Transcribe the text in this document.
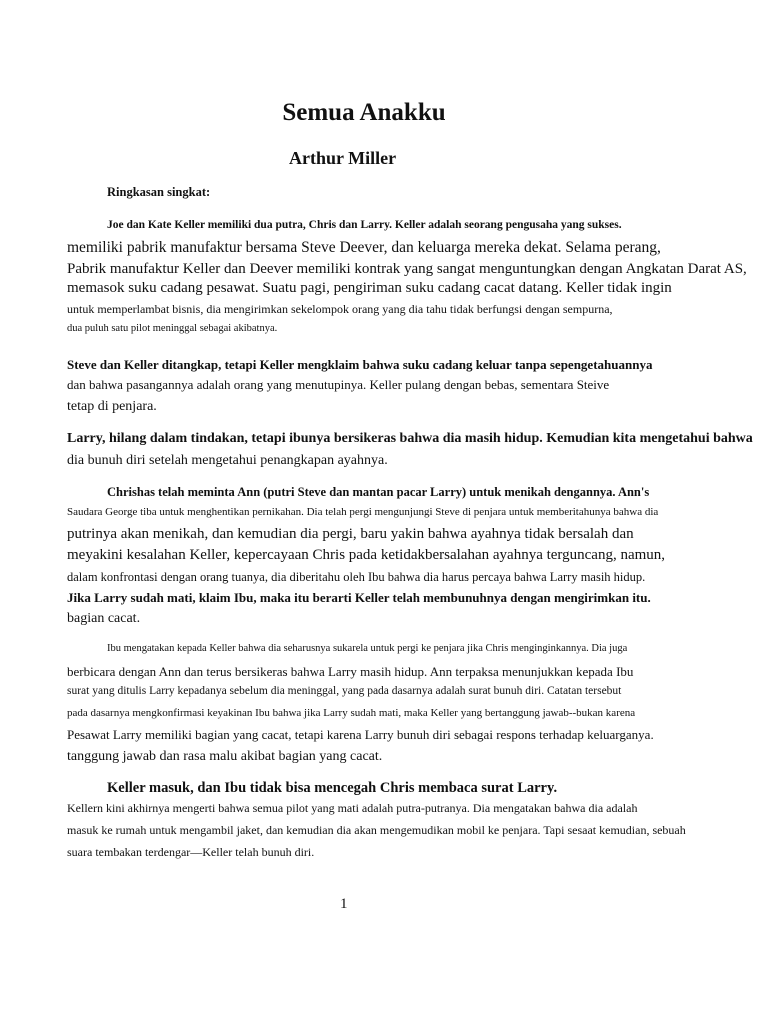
Semua Anakku
Arthur Miller
Ringkasan singkat:
Joe dan Kate Keller memiliki dua putra, Chris dan Larry. Keller adalah seorang pengusaha yang sukses.
memiliki pabrik manufaktur bersama Steve Deever, dan keluarga mereka dekat. Selama perang,
Pabrik manufaktur Keller dan Deever memiliki kontrak yang sangat menguntungkan dengan Angkatan Darat AS,
memasok suku cadang pesawat. Suatu pagi, pengiriman suku cadang cacat datang. Keller tidak ingin
untuk memperlambat bisnis, dia mengirimkan sekelompok orang yang dia tahu tidak berfungsi dengan sempurna,
dua puluh satu pilot meninggal sebagai akibatnya.
Steve dan Keller ditangkap, tetapi Keller mengklaim bahwa suku cadang keluar tanpa sepengetahuannya
dan bahwa pasangannya adalah orang yang menutupinya. Keller pulang dengan bebas, sementara Steive
tetap di penjara.
Larry, hilang dalam tindakan, tetapi ibunya bersikeras bahwa dia masih hidup. Kemudian kita mengetahui bahwa
dia bunuh diri setelah mengetahui penangkapan ayahnya.
Chrishas telah meminta Ann (putri Steve dan mantan pacar Larry) untuk menikah dengannya. Ann's
Saudara George tiba untuk menghentikan pernikahan. Dia telah pergi mengunjungi Steve di penjara untuk memberitahunya bahwa dia
putrinya akan menikah, dan kemudian dia pergi, baru yakin bahwa ayahnya tidak bersalah dan
meyakini kesalahan Keller, kepercayaan Chris pada ketidakbersalahan ayahnya terguncang, namun,
dalam konfrontasi dengan orang tuanya, dia diberitahu oleh Ibu bahwa dia harus percaya bahwa Larry masih hidup.
Jika Larry sudah mati, klaim Ibu, maka itu berarti Keller telah membunuhnya dengan mengirimkan itu.
bagian cacat.
Ibu mengatakan kepada Keller bahwa dia seharusnya sukarela untuk pergi ke penjara jika Chris menginginkannya. Dia juga
berbicara dengan Ann dan terus bersikeras bahwa Larry masih hidup. Ann terpaksa menunjukkan kepada Ibu
surat yang ditulis Larry kepadanya sebelum dia meninggal, yang pada dasarnya adalah surat bunuh diri. Catatan tersebut
pada dasarnya mengkonfirmasi keyakinan Ibu bahwa jika Larry sudah mati, maka Keller yang bertanggung jawab--bukan karena
Pesawat Larry memiliki bagian yang cacat, tetapi karena Larry bunuh diri sebagai respons terhadap keluarganya.
tanggung jawab dan rasa malu akibat bagian yang cacat.
Keller masuk, dan Ibu tidak bisa mencegah Chris membaca surat Larry.
Kellern kini akhirnya mengerti bahwa semua pilot yang mati adalah putra-putranya. Dia mengatakan bahwa dia adalah
masuk ke rumah untuk mengambil jaket, dan kemudian dia akan mengemudikan mobil ke penjara. Tapi sesaat kemudian, sebuah
suara tembakan terdengar—Keller telah bunuh diri.
1
